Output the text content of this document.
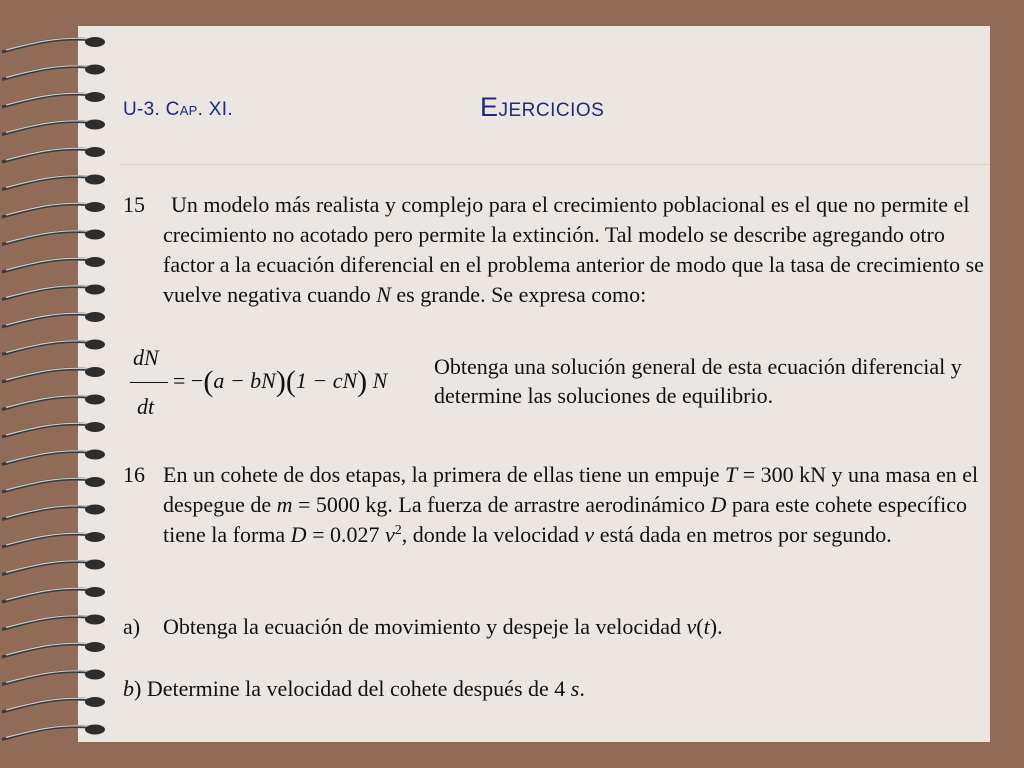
U-3. Cap. XI.	Ejercicios
15	Un modelo más realista y complejo para el crecimiento poblacional es el que no permite el crecimiento no acotado pero permite la extinción. Tal modelo se describe agregando otro factor a la ecuación diferencial en el problema anterior de modo que la tasa de crecimiento se vuelve negativa cuando N es grande. Se expresa como:
dN
dt
= −(a − bN)(1 − cN) N
Obtenga una solución general de esta ecuación diferencial y determine las soluciones de equilibrio.
16 En un cohete de dos etapas, la primera de ellas tiene un empuje T = 300 kN y una masa en el despegue de m = 5000 kg. La fuerza de arrastre aerodinámico D para este cohete específico tiene la forma D = 0.027 $v^2$, donde la velocidad v está dada en metros por segundo.
a) Obtenga la ecuación de movimiento y despeje la velocidad v(t).
b) Determine la velocidad del cohete después de 4 s.
